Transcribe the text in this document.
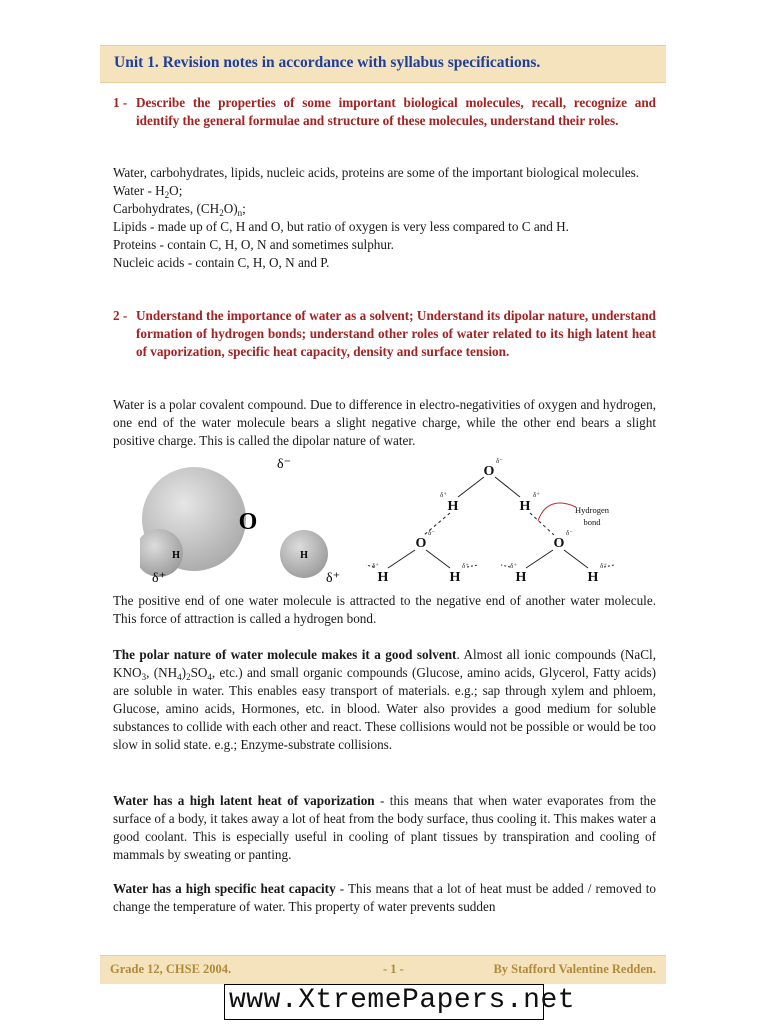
Unit 1. Revision notes in accordance with syllabus specifications.
1 - Describe the properties of some important biological molecules, recall, recognize and identify the general formulae and structure of these molecules, understand their roles.

Water, carbohydrates, lipids, nucleic acids, proteins are some of the important biological molecules.

Water - $H_2O$;
Carbohydrates, $(CH_2O)_n$;
Lipids - made up of C, H and O, but ratio of oxygen is very less compared to C and H.
Proteins - contain C, H, O, N and sometimes sulphur.
Nucleic acids - contain C, H, O, N and P.
2 - Understand the importance of water as a solvent; Understand its dipolar nature, understand formation of hydrogen bonds; understand other roles of water related to its high latent heat of vaporization, specific heat capacity, density and surface tension.

Water is a polar covalent compound. Due to difference in electro-negativities of oxygen and hydrogen, one end of the water molecule bears a slight negative charge, while the other end bears a slight positive charge. This is called the dipolar nature of water.

O
H	H
δ⁻
δ⁺	δ⁺
O
H	H
O	O
H	H	H	H
δ⁻
δ⁺	δ⁺
δ⁻	δ⁻
δ⁺	δ⁺	δ⁺	δ⁺
Hydrogen
bond

The positive end of one water molecule is attracted to the negative end of another water molecule. This force of attraction is called a hydrogen bond.

The polar nature of water molecule makes it a good solvent. Almost all ionic compounds (NaCl, $KNO_3$, $(NH_4)_2SO_4$, etc.) and small organic compounds (Glucose, amino acids, Glycerol, Fatty acids) are soluble in water. This enables easy transport of materials. e.g.; sap through xylem and phloem, Glucose, amino acids, Hormones, etc. in blood. Water also provides a good medium for soluble substances to collide with each other and react. These collisions would not be possible or would be too slow in solid state. e.g.; Enzyme-substrate collisions.

Water has a high latent heat of vaporization - this means that when water evaporates from the surface of a body, it takes away a lot of heat from the body surface, thus cooling it. This makes water a good coolant. This is especially useful in cooling of plant tissues by transpiration and cooling of mammals by sweating or panting.

Water has a high specific heat capacity - This means that a lot of heat must be added / removed to change the temperature of water. This property of water prevents sudden

Grade 12, CHSE 2004.	- 1 -	By Stafford Valentine Redden.
www.XtremePapers.net
